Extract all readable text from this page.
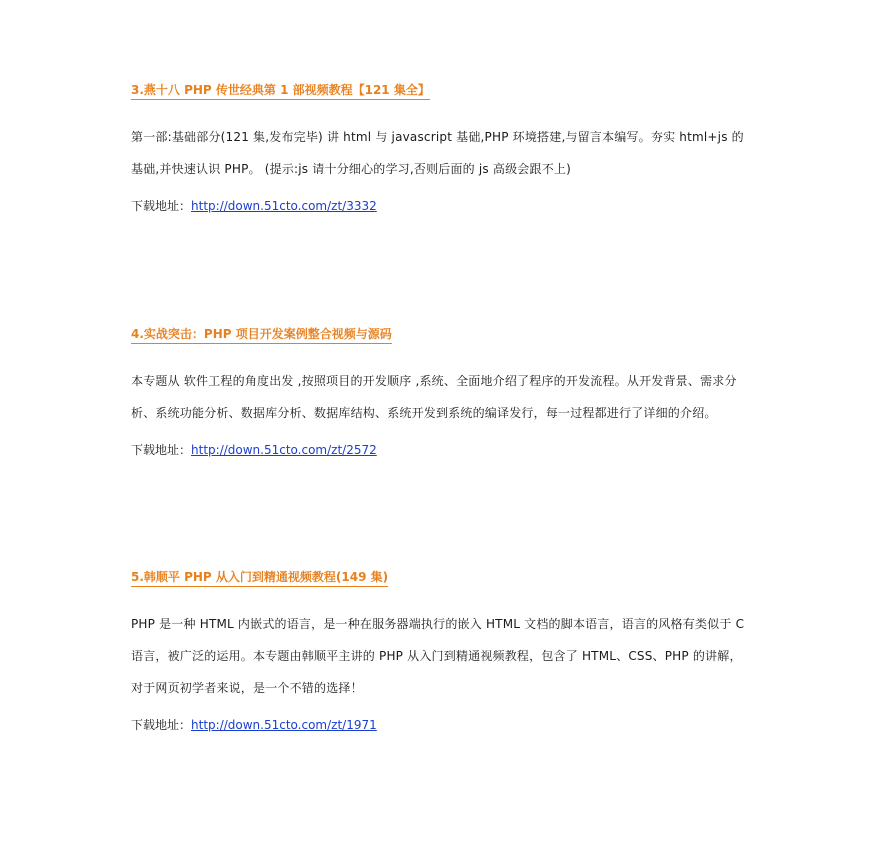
3.燕十八 PHP 传世经典第 1 部视频教程【121 集全】
第一部:基础部分(121 集,发布完毕) 讲 html 与 javascript 基础,PHP 环境搭建,与留言本编写。夯实 html+js 的基础,并快速认识 PHP。 (提示:js 请十分细心的学习,否则后面的 js 高级会跟不上)
下载地址：http://down.51cto.com/zt/3332
4.实战突击：PHP 项目开发案例整合视频与源码
本专题从 软件工程的角度出发 ,按照项目的开发顺序 ,系统、全面地介绍了程序的开发流程。从开发背景、需求分析、系统功能分析、数据库分析、数据库结构、系统开发到系统的编译发行，每一过程都进行了详细的介绍。
下载地址：http://down.51cto.com/zt/2572
5.韩顺平 PHP 从入门到精通视频教程(149 集)
PHP 是一种 HTML 内嵌式的语言，是一种在服务器端执行的嵌入 HTML 文档的脚本语言，语言的风格有类似于 C 语言，被广泛的运用。本专题由韩顺平主讲的 PHP 从入门到精通视频教程，包含了 HTML、CSS、PHP 的讲解，对于网页初学者来说，是一个不错的选择！
下载地址：http://down.51cto.com/zt/1971
